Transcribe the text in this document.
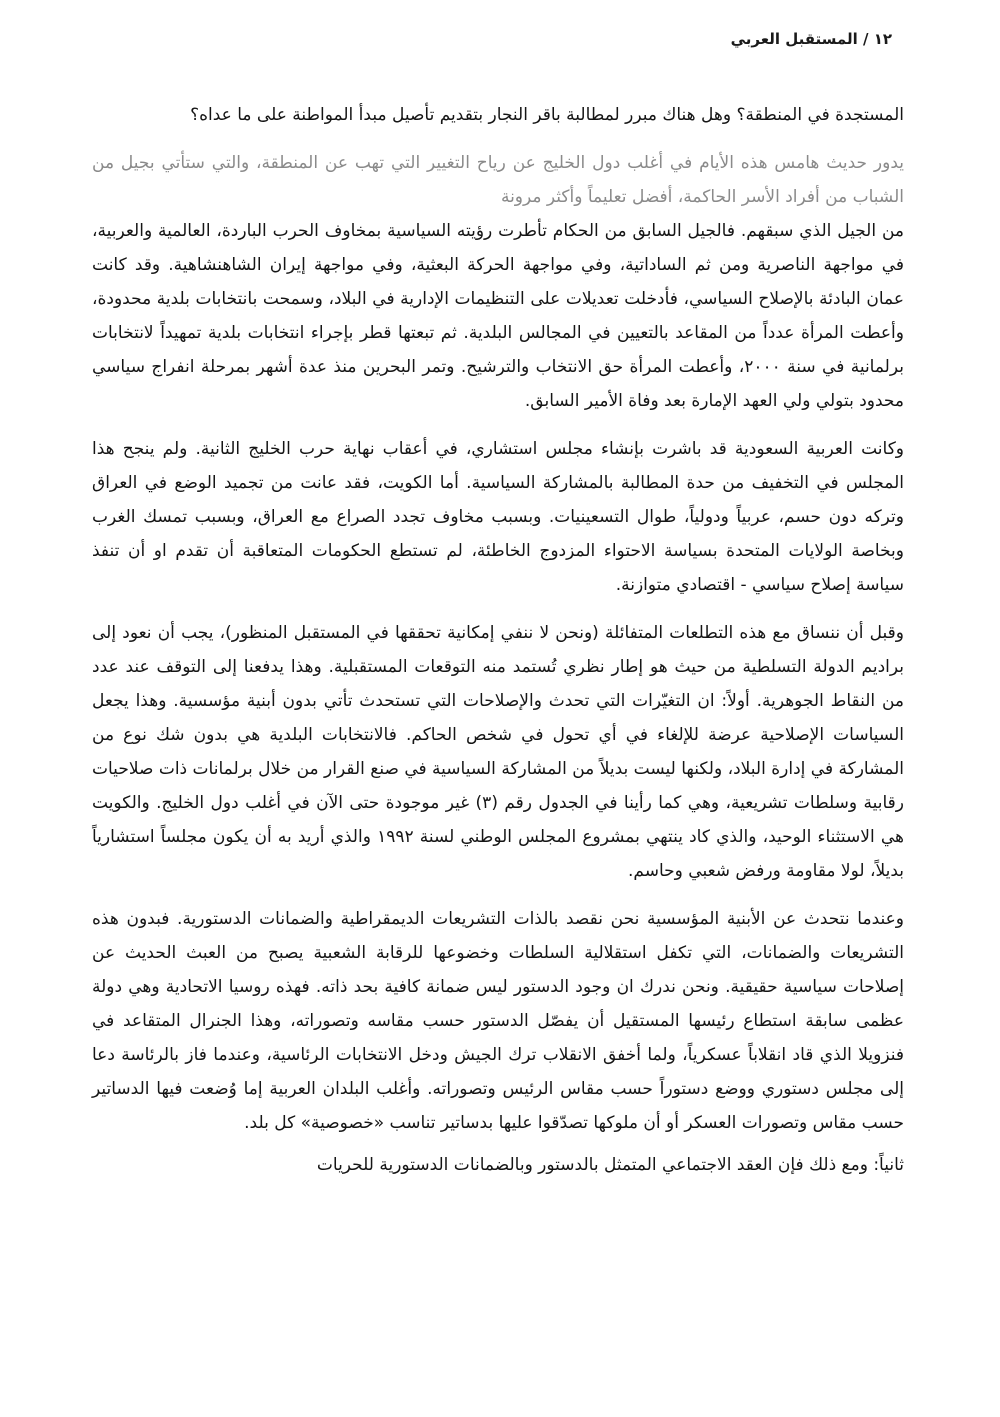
١٢ / المستقبل العربي

المستجدة في المنطقة؟ وهل هناك مبرر لمطالبة باقر النجار بتقديم تأصيل مبدأ المواطنة على ما عداه؟

يدور حديث هامس هذه الأيام في أغلب دول الخليج عن رياح التغيير التي تهب عن المنطقة، والتي ستأتي بجيل من الشباب من أفراد الأسر الحاكمة، أفضل تعليماً وأكثر مرونة

من الجيل الذي سبقهم. فالجيل السابق من الحكام تأطرت رؤيته السياسية بمخاوف الحرب الباردة، العالمية والعربية، في مواجهة الناصرية ومن ثم الساداتية، وفي مواجهة الحركة البعثية، وفي مواجهة إيران الشاهنشاهية. وقد كانت عمان البادئة بالإصلاح السياسي، فأدخلت تعديلات على التنظيمات الإدارية في البلاد، وسمحت بانتخابات بلدية محدودة، وأعطت المرأة عدداً من المقاعد بالتعيين في المجالس البلدية. ثم تبعتها قطر بإجراء انتخابات بلدية تمهيداً لانتخابات برلمانية في سنة ٢٠٠٠، وأعطت المرأة حق الانتخاب والترشيح. وتمر البحرين منذ عدة أشهر بمرحلة انفراج سياسي محدود بتولي ولي العهد الإمارة بعد وفاة الأمير السابق.

وكانت العربية السعودية قد باشرت بإنشاء مجلس استشاري، في أعقاب نهاية حرب الخليج الثانية. ولم ينجح هذا المجلس في التخفيف من حدة المطالبة بالمشاركة السياسية. أما الكويت، فقد عانت من تجميد الوضع في العراق وتركه دون حسم، عربياً ودولياً، طوال التسعينيات. وبسبب مخاوف تجدد الصراع مع العراق، وبسبب تمسك الغرب وبخاصة الولايات المتحدة بسياسة الاحتواء المزدوج الخاطئة، لم تستطع الحكومات المتعاقبة أن تقدم او أن تنفذ سياسة إصلاح سياسي - اقتصادي متوازنة.

وقبل أن ننساق مع هذه التطلعات المتفائلة (ونحن لا ننفي إمكانية تحققها في المستقبل المنظور)، يجب أن نعود إلى براديم الدولة التسلطية من حيث هو إطار نظري تُستمد منه التوقعات المستقبلية. وهذا يدفعنا إلى التوقف عند عدد من النقاط الجوهرية. أولاً: ان التغيّرات التي تحدث والإصلاحات التي تستحدث تأتي بدون أبنية مؤسسية. وهذا يجعل السياسات الإصلاحية عرضة للإلغاء في أي تحول في شخص الحاكم. فالانتخابات البلدية هي بدون شك نوع من المشاركة في إدارة البلاد، ولكنها ليست بديلاً من المشاركة السياسية في صنع القرار من خلال برلمانات ذات صلاحيات رقابية وسلطات تشريعية، وهي كما رأينا في الجدول رقم (٣) غير موجودة حتى الآن في أغلب دول الخليج. والكويت هي الاستثناء الوحيد، والذي كاد ينتهي بمشروع المجلس الوطني لسنة ١٩٩٢ والذي أريد به أن يكون مجلساً استشارياً بديلاً، لولا مقاومة ورفض شعبي وحاسم.

وعندما نتحدث عن الأبنية المؤسسية نحن نقصد بالذات التشريعات الديمقراطية والضمانات الدستورية. فبدون هذه التشريعات والضمانات، التي تكفل استقلالية السلطات وخضوعها للرقابة الشعبية يصبح من العبث الحديث عن إصلاحات سياسية حقيقية. ونحن ندرك ان وجود الدستور ليس ضمانة كافية بحد ذاته. فهذه روسيا الاتحادية وهي دولة عظمى سابقة استطاع رئيسها المستقيل أن يفصّل الدستور حسب مقاسه وتصوراته، وهذا الجنرال المتقاعد في فنزويلا الذي قاد انقلاباً عسكرياً، ولما أخفق الانقلاب ترك الجيش ودخل الانتخابات الرئاسية، وعندما فاز بالرئاسة دعا إلى مجلس دستوري ووضع دستوراً حسب مقاس الرئيس وتصوراته. وأغلب البلدان العربية إما وُضعت فيها الدساتير حسب مقاس وتصورات العسكر أو أن ملوكها تصدّقوا عليها بدساتير تناسب «خصوصية» كل بلد.

ثانياً: ومع ذلك فإن العقد الاجتماعي المتمثل بالدستور وبالضمانات الدستورية للحريات
